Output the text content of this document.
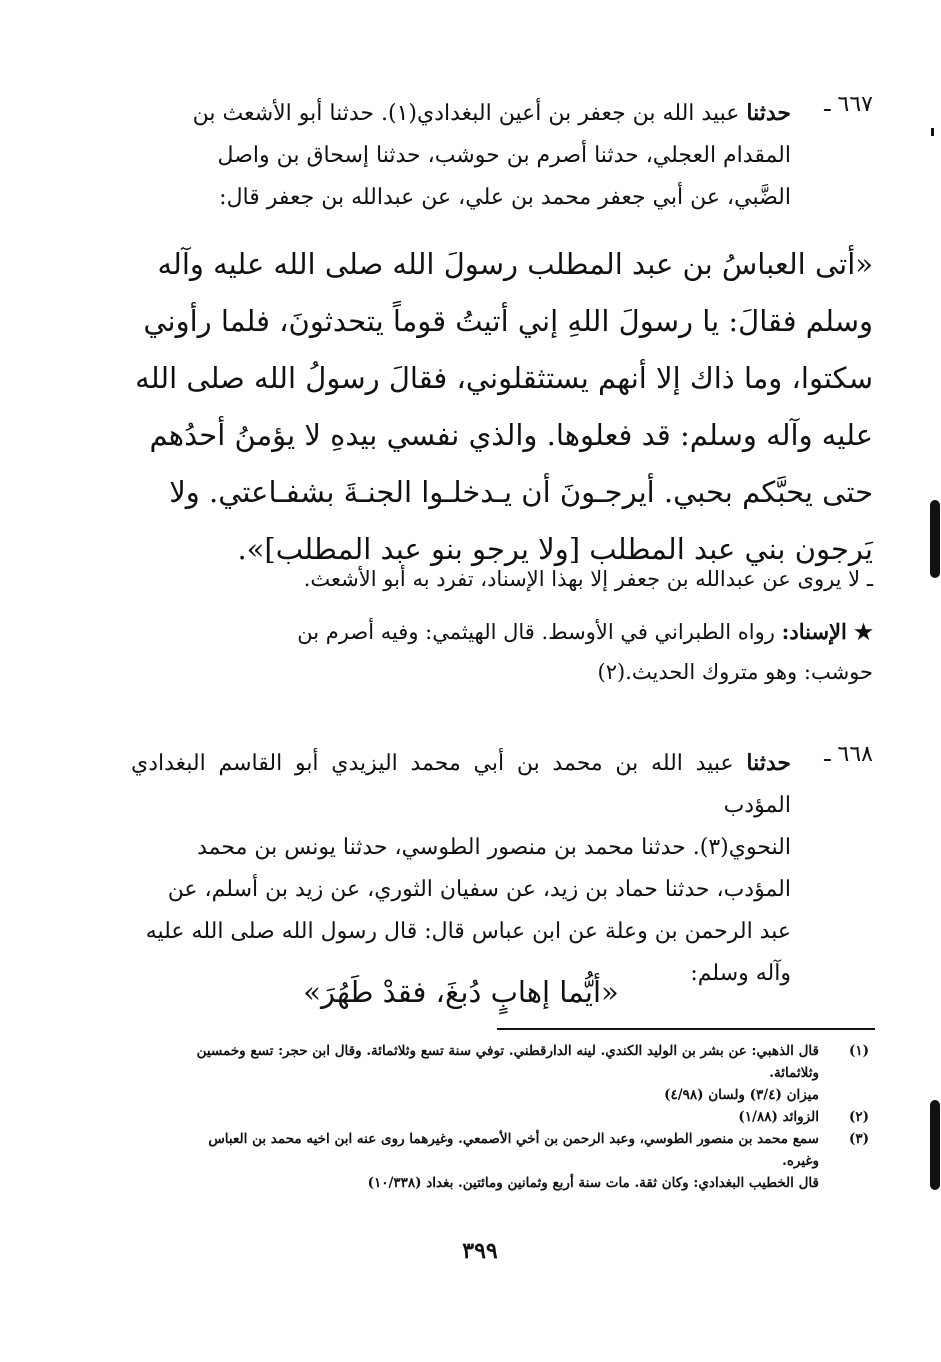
٦٦٧ ـ
حدثنا عبيد الله بن جعفر بن أعين البغدادي(١). حدثنا أبو الأشعث بن
المقدام العجلي، حدثنا أصرم بن حوشب، حدثنا إسحاق بن واصل
الضَّبي، عن أبي جعفر محمد بن علي، عن عبدالله بن جعفر قال:
«أتى العباسُ بن عبد المطلب رسولَ الله صلى الله عليه وآله
وسلم فقالَ: يا رسولَ اللهِ إني أتيتُ قوماً يتحدثونَ، فلما رأوني
سكتوا، وما ذاك إلا أنهم يستثقلوني، فقالَ رسولُ الله صلى الله
عليه وآله وسلم: قد فعلوها. والذي نفسي بيدهِ لا يؤمنُ أحدُهم
حتى يحبَّكم بحبي. أيرجـونَ أن يـدخلـوا الجنـةَ بشفـاعتي. ولا
يَرجون بني عبد المطلب [ولا يرجو بنو عبد المطلب]».
ـ لا يروى عن عبدالله بن جعفر إلا بهذا الإسناد، تفرد به أبو الأشعث.
★ الإسناد: رواه الطبراني في الأوسط. قال الهيثمي: وفيه أصرم بن
حوشب: وهو متروك الحديث.(٢)
٦٦٨ ـ
حدثنا عبيد الله بن محمد بن أبي محمد اليزيدي أبو القاسم البغدادي المؤدب
النحوي(٣). حدثنا محمد بن منصور الطوسي، حدثنا يونس بن محمد
المؤدب، حدثنا حماد بن زيد، عن سفيان الثوري، عن زيد بن أسلم، عن
عبد الرحمن بن وعلة عن ابن عباس قال: قال رسول الله صلى الله عليه
وآله وسلم:
«أيُّما إهابٍ دُبغَ، فقدْ طَهُرَ»
(١)
قال الذهبي: عن بشر بن الوليد الكندي. لينه الدارقطني. توفي سنة تسع وثلاثمائة. وقال ابن حجر: تسع وخمسين
وثلاثمائة.
ميزان (٣/٤) ولسان (٤/٩٨)
(٢)
الزوائد (١/٨٨)
(٣)
سمع محمد بن منصور الطوسي، وعبد الرحمن بن أخي الأصمعي. وغيرهما روى عنه ابن اخيه محمد بن العباس
وغيره.
قال الخطيب البغدادي: وكان ثقة. مات سنة أربع وثمانين ومائتين. بغداد (١٠/٣٣٨)
٣٩٩
